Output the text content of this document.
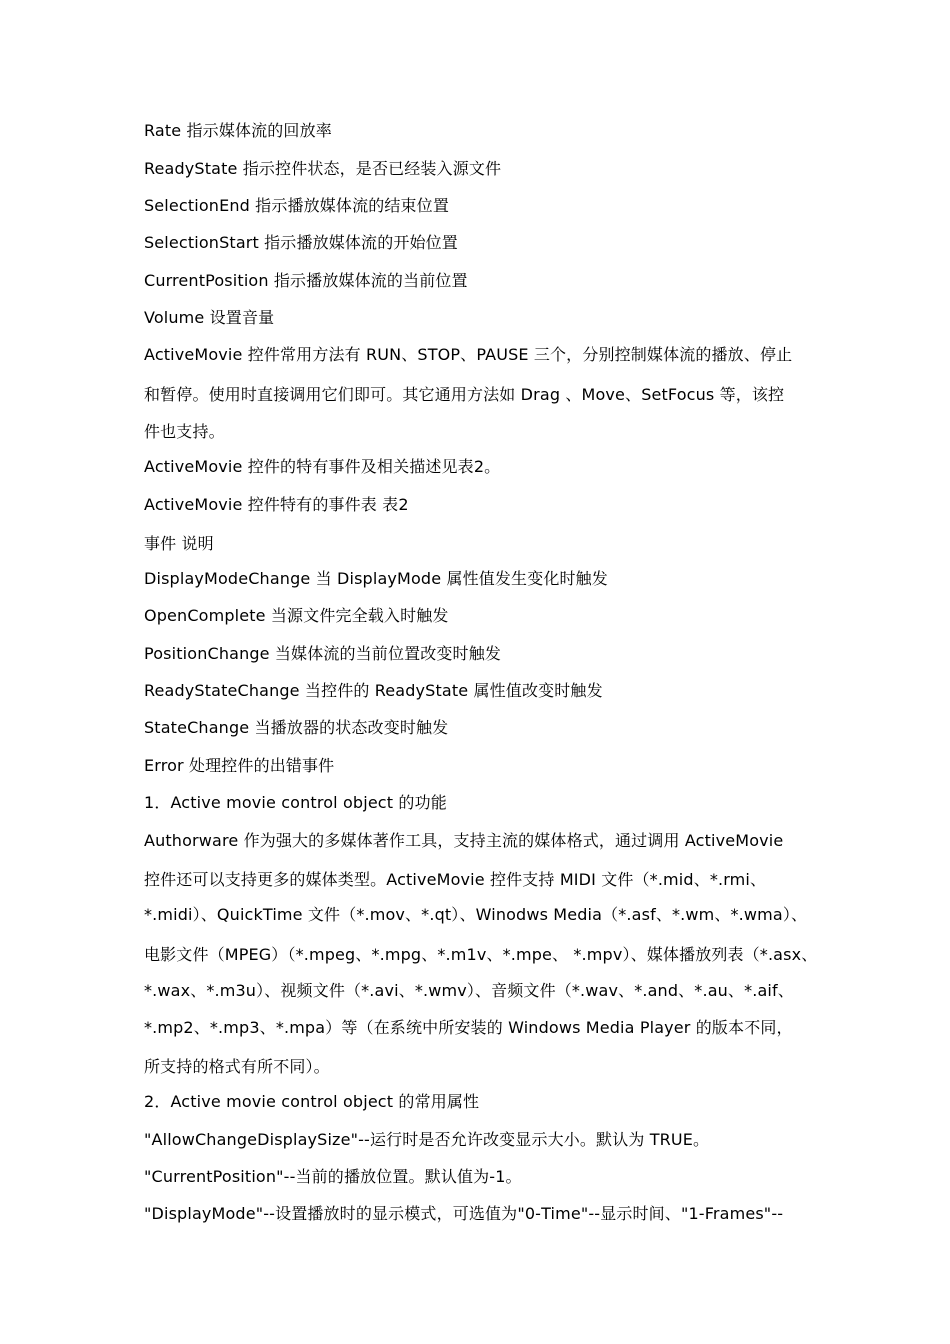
Rate 指示媒体流的回放率
ReadyState 指示控件状态，是否已经装入源文件
SelectionEnd 指示播放媒体流的结束位置
SelectionStart 指示播放媒体流的开始位置
CurrentPosition 指示播放媒体流的当前位置
Volume 设置音量
ActiveMovie 控件常用方法有 RUN、STOP、PAUSE 三个，分别控制媒体流的播放、停止
和暂停。使用时直接调用它们即可。其它通用方法如 Drag 、Move、SetFocus 等，该控
件也支持。
ActiveMovie 控件的特有事件及相关描述见表2。
ActiveMovie 控件特有的事件表 表2
事件 说明
DisplayModeChange 当 DisplayMode 属性值发生变化时触发
OpenComplete 当源文件完全载入时触发
PositionChange 当媒体流的当前位置改变时触发
ReadyStateChange 当控件的 ReadyState 属性值改变时触发
StateChange 当播放器的状态改变时触发
Error 处理控件的出错事件
1．Active movie control object 的功能
Authorware 作为强大的多媒体著作工具，支持主流的媒体格式，通过调用 ActiveMovie
控件还可以支持更多的媒体类型。ActiveMovie 控件支持 MIDI 文件（*.mid、*.rmi、
*.midi）、QuickTime 文件（*.mov、*.qt）、Winodws Media（*.asf、*.wm、*.wma）、
电影文件（MPEG）（*.mpeg、*.mpg、*.m1v、*.mpe、 *.mpv）、媒体播放列表（*.asx、
*.wax、*.m3u）、视频文件（*.avi、*.wmv）、音频文件（*.wav、*.and、*.au、*.aif、
*.mp2、*.mp3、*.mpa）等（在系统中所安装的 Windows Media Player 的版本不同，
所支持的格式有所不同）。
2．Active movie control object 的常用属性
"AllowChangeDisplaySize"--运行时是否允许改变显示大小。默认为 TRUE。
"CurrentPosition"--当前的播放位置。默认值为-1。
"DisplayMode"--设置播放时的显示模式，可选值为"0-Time"--显示时间、"1-Frames"--
